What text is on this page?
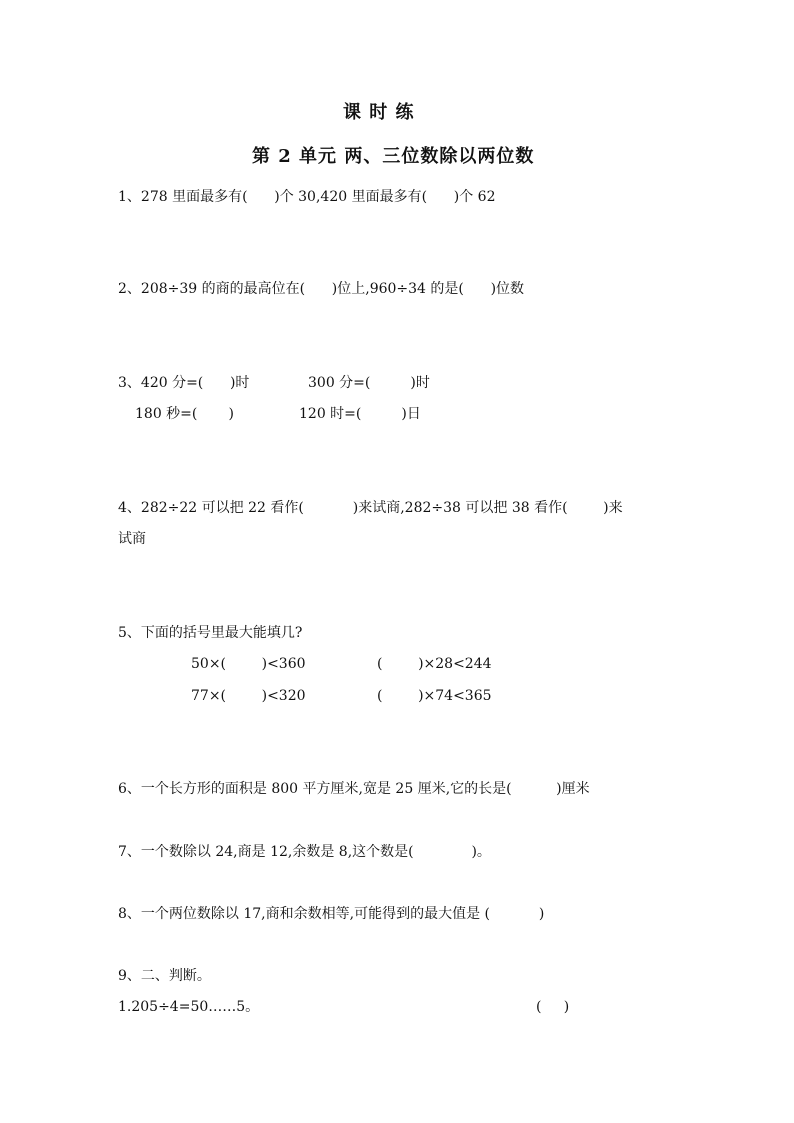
课 时 练
第 2 单元 两、三位数除以两位数
1、278 里面最多有(      )个 30,420 里面最多有(      )个 62
2、208÷39 的商的最高位在(      )位上,960÷34 的是(      )位数
3、420 分=(      )时	300 分=(         )时
180 秒=(       )	120 时=(         )日
4、282÷22 可以把 22 看作(           )来试商,282÷38 可以把 38 看作(        )来
试商
5、下面的括号里最大能填几?
50×(        )<360	(        )×28<244
77×(        )<320	(        )×74<365
6、一个长方形的面积是 800 平方厘米,宽是 25 厘米,它的长是(          )厘米
7、一个数除以 24,商是 12,余数是 8,这个数是(             )。
8、一个两位数除以 17,商和余数相等,可能得到的最大值是 (           )
9、二、判断。
1.205÷4=50……5。	(     )
